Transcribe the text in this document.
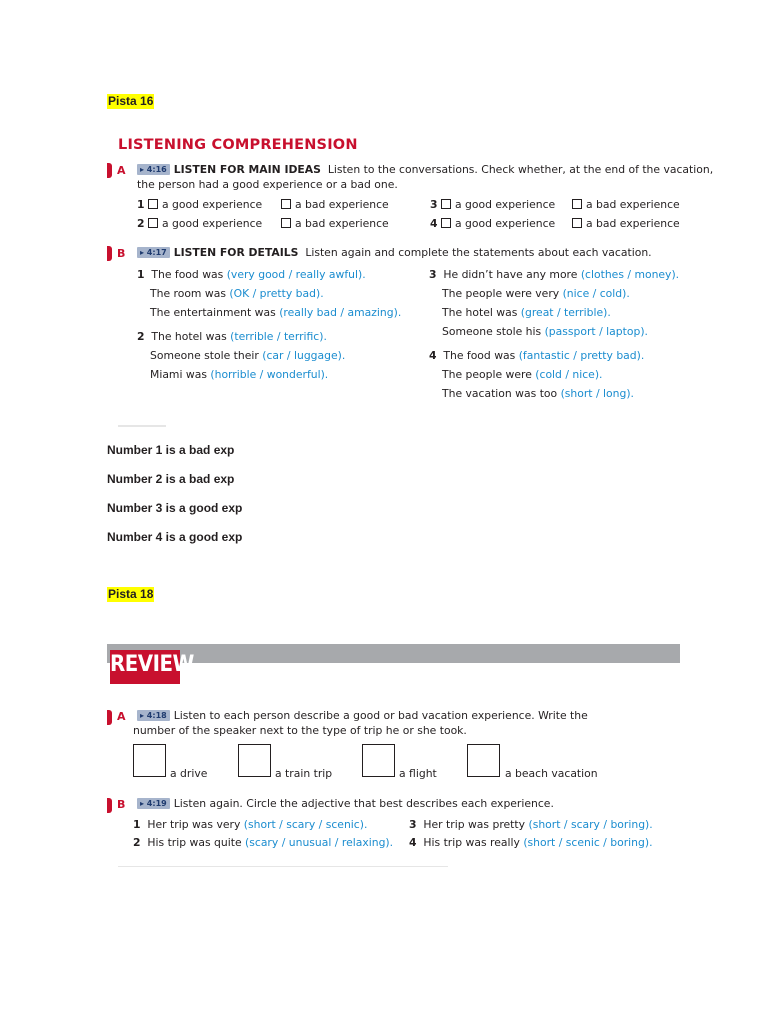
Pista 16
LISTENING COMPREHENSION
A	▸ 4:16 LISTEN FOR MAIN IDEAS Listen to the conversations. Check whether, at the end of the vacation,
the person had a good experience or a bad one.
1 a good experience	a bad experience	3 a good experience	a bad experience
2 a good experience	a bad experience	4 a good experience	a bad experience
B	▸ 4:17 LISTEN FOR DETAILS Listen again and complete the statements about each vacation.
1 The food was (very good / really awful).
The room was (OK / pretty bad).
The entertainment was (really bad / amazing).
2 The hotel was (terrible / terrific).
Someone stole their (car / luggage).
Miami was (horrible / wonderful).
3 He didn’t have any more (clothes / money).
The people were very (nice / cold).
The hotel was (great / terrible).
Someone stole his (passport / laptop).
4 The food was (fantastic / pretty bad).
The people were (cold / nice).
The vacation was too (short / long).
Number 1 is a bad exp
Number 2 is a bad exp
Number 3 is a good exp
Number 4 is a good exp
Pista 18
REVIEW
A	▸ 4:18 Listen to each person describe a good or bad vacation experience. Write the
number of the speaker next to the type of trip he or she took.
a drive	a train trip	a flight	a beach vacation
B	▸ 4:19 Listen again. Circle the adjective that best describes each experience.
1 Her trip was very (short / scary / scenic).
2 His trip was quite (scary / unusual / relaxing).
3 Her trip was pretty (short / scary / boring).
4 His trip was really (short / scenic / boring).
